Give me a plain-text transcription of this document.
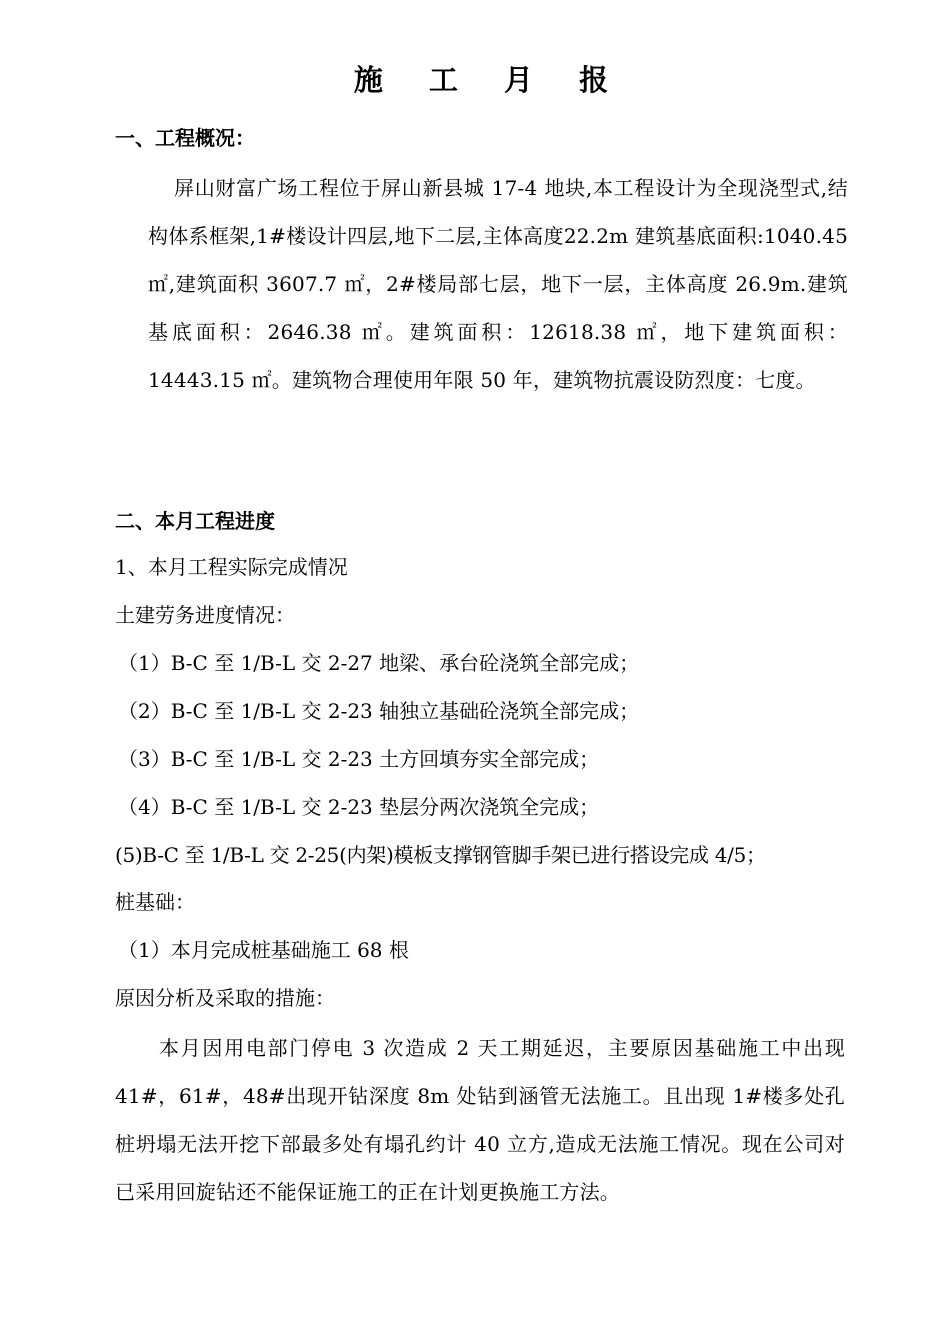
施 工 月 报
一、工程概况：
屏山财富广场工程位于屏山新县城 17-4 地块,本工程设计为全现浇型式,结构体系框架,1#楼设计四层,地下二层,主体高度22.2m 建筑基底面积:1040.45 ㎡,建筑面积 3607.7 ㎡，2#楼局部七层，地下一层，主体高度 26.9m.建筑基底面积：2646.38 ㎡。建筑面积：12618.38 ㎡，地下建筑面积：14443.15 ㎡。建筑物合理使用年限 50 年，建筑物抗震设防烈度：七度。
二、本月工程进度
1、本月工程实际完成情况
土建劳务进度情况：
（1）B-C 至 1/B-L 交 2-27 地梁、承台砼浇筑全部完成；
（2）B-C 至 1/B-L 交 2-23 轴独立基础砼浇筑全部完成；
（3）B-C 至 1/B-L 交 2-23 土方回填夯实全部完成；
（4）B-C 至 1/B-L 交 2-23 垫层分两次浇筑全完成；
(5)B-C 至 1/B-L 交 2-25(内架)模板支撑钢管脚手架已进行搭设完成 4/5；
桩基础：
（1）本月完成桩基础施工 68 根
原因分析及采取的措施：
本月因用电部门停电 3 次造成 2 天工期延迟，主要原因基础施工中出现 41#，61#，48#出现开钻深度 8m 处钻到涵管无法施工。且出现 1#楼多处孔桩坍塌无法开挖下部最多处有塌孔约计 40 立方,造成无法施工情况。现在公司对已采用回旋钻还不能保证施工的正在计划更换施工方法。
